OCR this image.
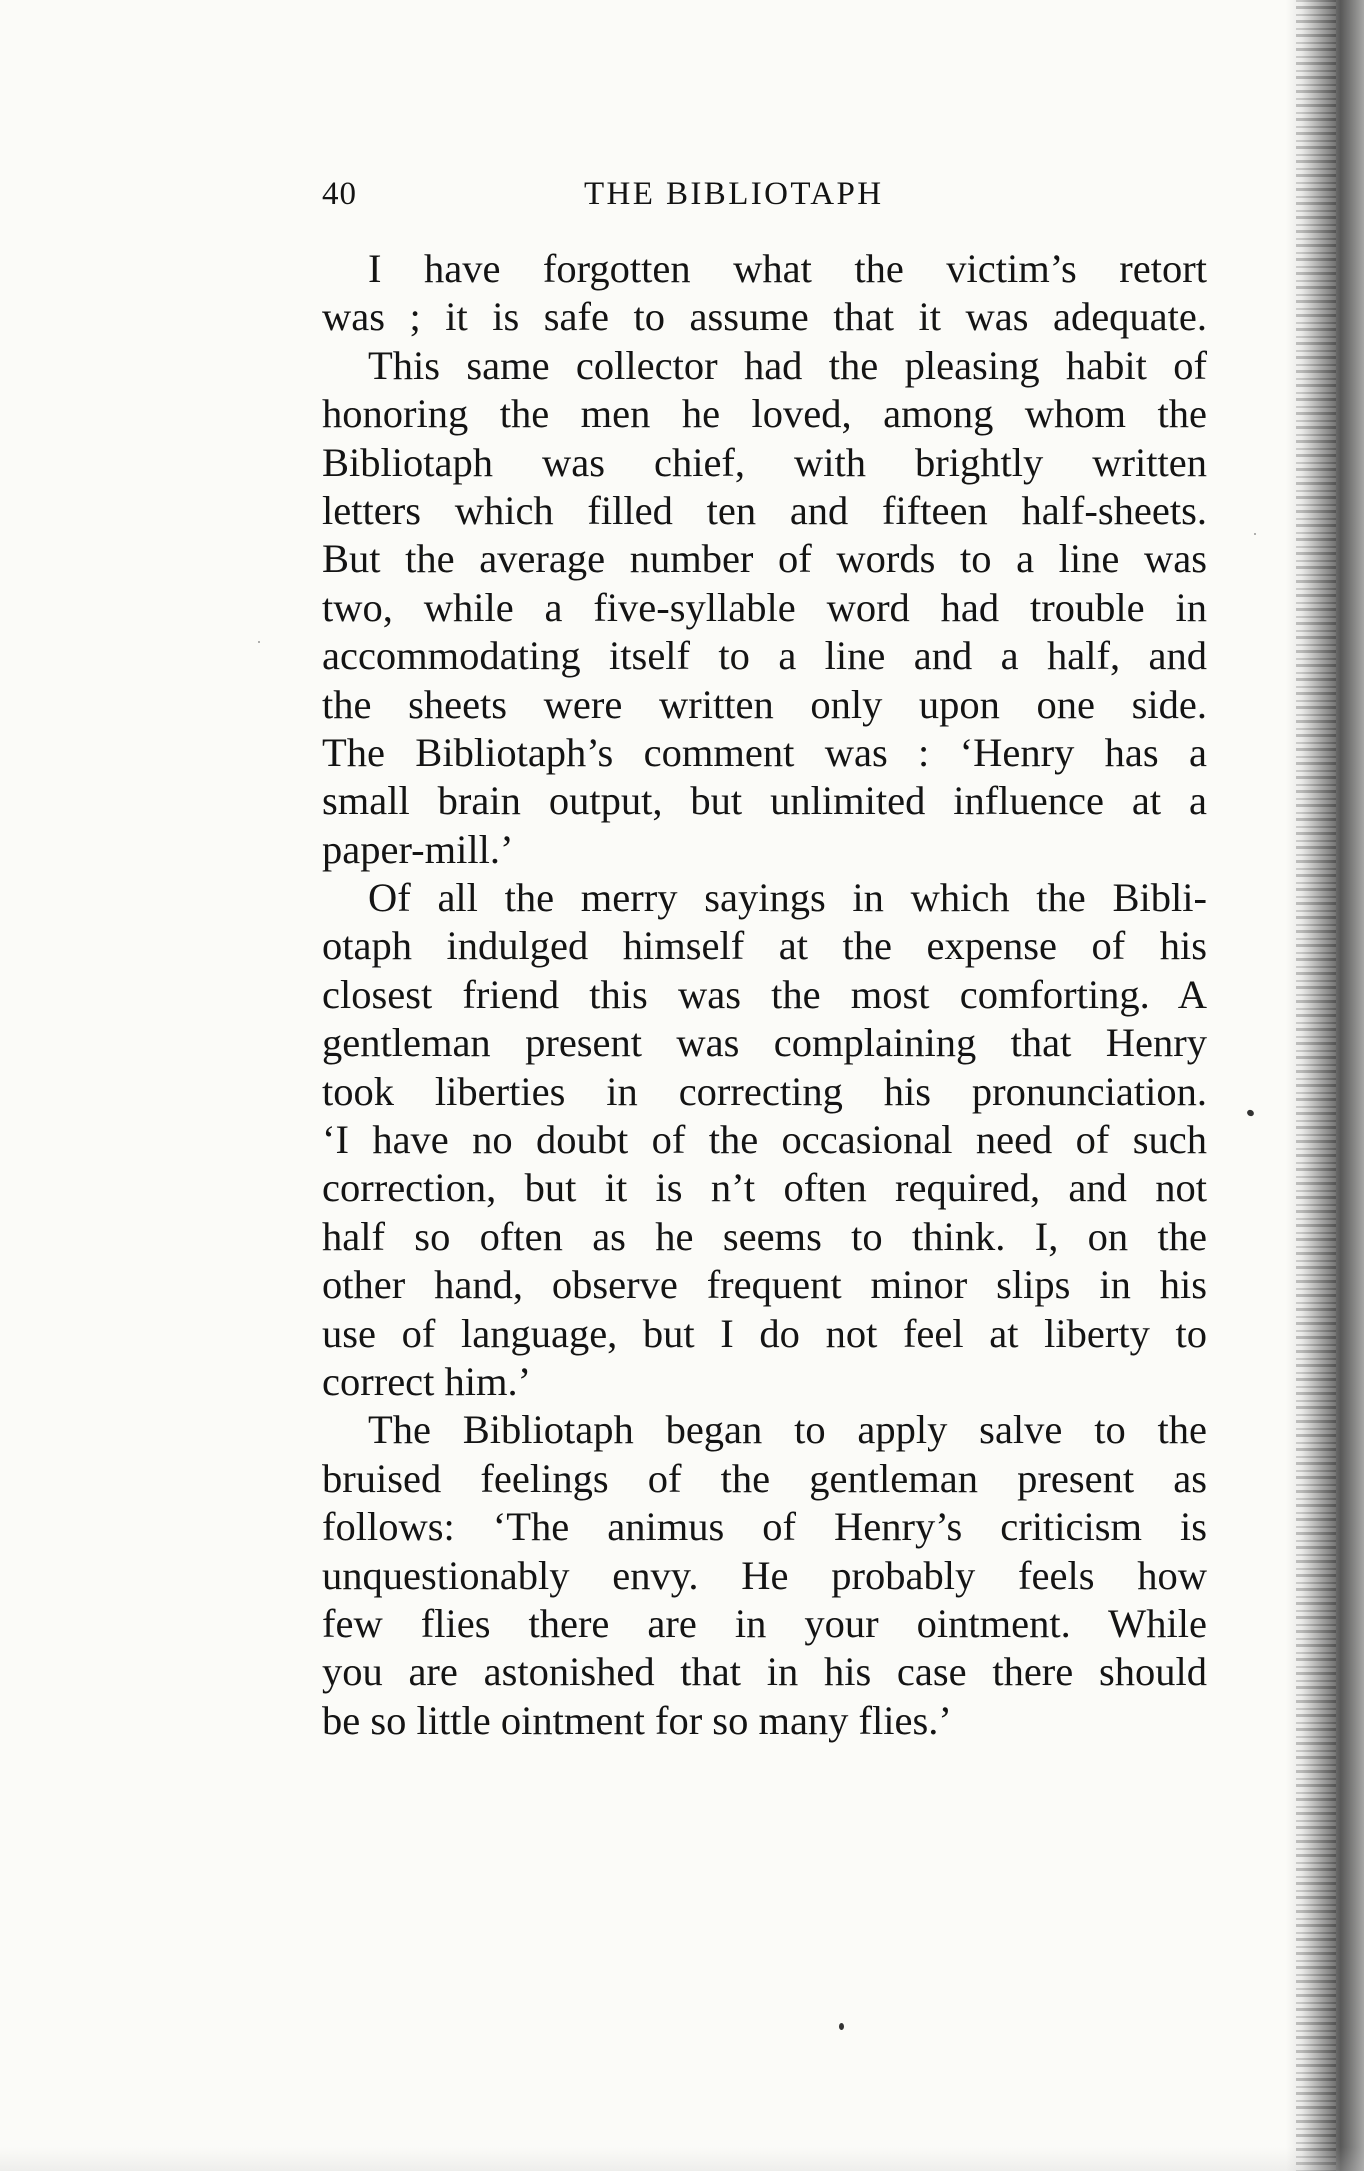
40	THE BIBLIOTAPH
I have forgotten what the victim’s retort
was ; it is safe to assume that it was adequate.
This same collector had the pleasing habit of
honoring the men he loved, among whom the
Bibliotaph was chief, with brightly written
letters which filled ten and fifteen half-sheets.
But the average number of words to a line was
two, while a five-syllable word had trouble in
accommodating itself to a line and a half, and
the sheets were written only upon one side.
The Bibliotaph’s comment was : ‘Henry has a
small brain output, but unlimited influence at a
paper-mill.’
Of all the merry sayings in which the Bibli-
otaph indulged himself at the expense of his
closest friend this was the most comforting. A
gentleman present was complaining that Henry
took liberties in correcting his pronunciation.
‘I have no doubt of the occasional need of such
correction, but it is n’t often required, and not
half so often as he seems to think. I, on the
other hand, observe frequent minor slips in his
use of language, but I do not feel at liberty to
correct him.’
The Bibliotaph began to apply salve to the
bruised feelings of the gentleman present as
follows: ‘The animus of Henry’s criticism is
unquestionably envy. He probably feels how
few flies there are in your ointment. While
you are astonished that in his case there should
be so little ointment for so many flies.’
